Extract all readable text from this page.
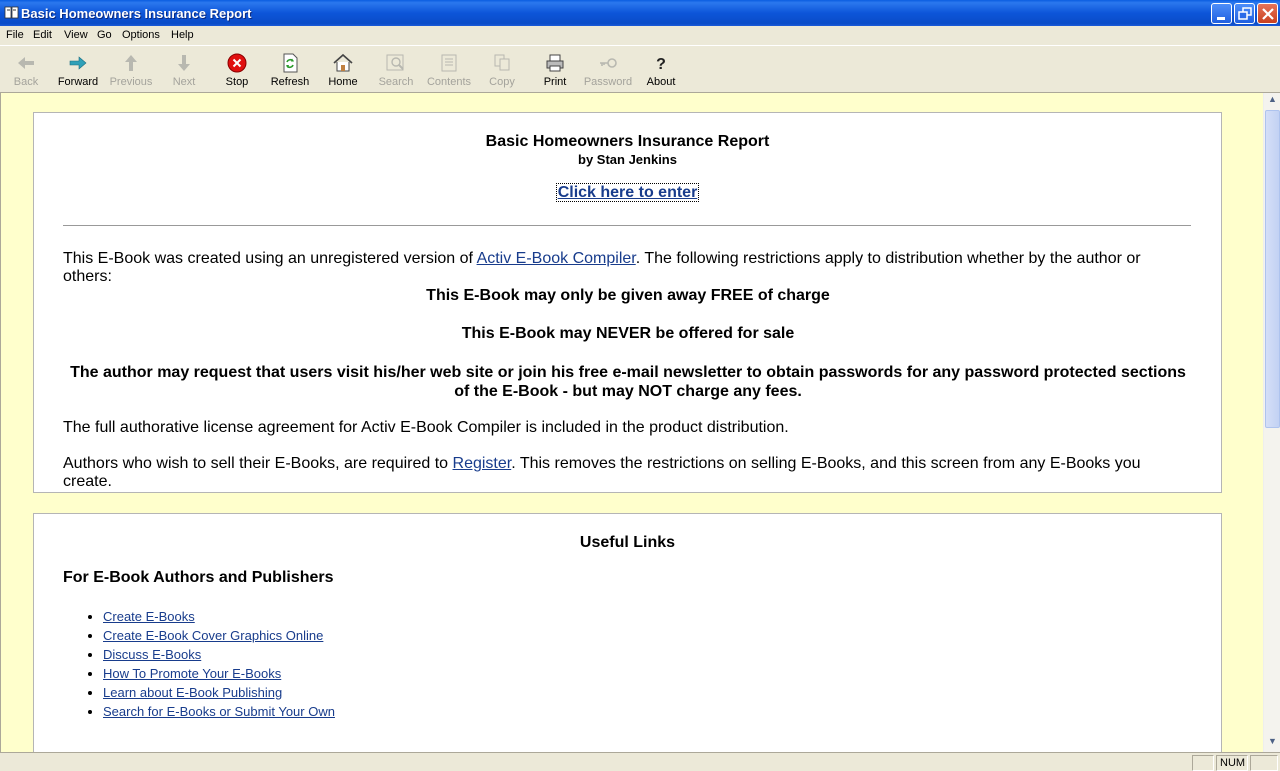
Basic Homeowners Insurance Report
File Edit View Go Options Help
Back	Forward	Previous	Next	Stop	Refresh	Home	Search	Contents	Copy	Print	Password
?
About
Basic Homeowners Insurance Report
by Stan Jenkins
Click here to enter
This E-Book was created using an unregistered version of Activ E-Book Compiler. The following restrictions apply to distribution whether by the author or others:
This E-Book may only be given away FREE of charge
This E-Book may NEVER be offered for sale
The author may request that users visit his/her web site or join his free e-mail newsletter to obtain passwords for any password protected sections of the E-Book - but may NOT charge any fees.
The full authorative license agreement for Activ E-Book Compiler is included in the product distribution.
Authors who wish to sell their E-Books, are required to Register. This removes the restrictions on selling E-Books, and this screen from any E-Books you create.
Useful Links
For E-Book Authors and Publishers
• Create E-Books
• Create E-Book Cover Graphics Online
• Discuss E-Books
• How To Promote Your E-Books
• Learn about E-Book Publishing
• Search for E-Books or Submit Your Own
▲
▼
NUM
